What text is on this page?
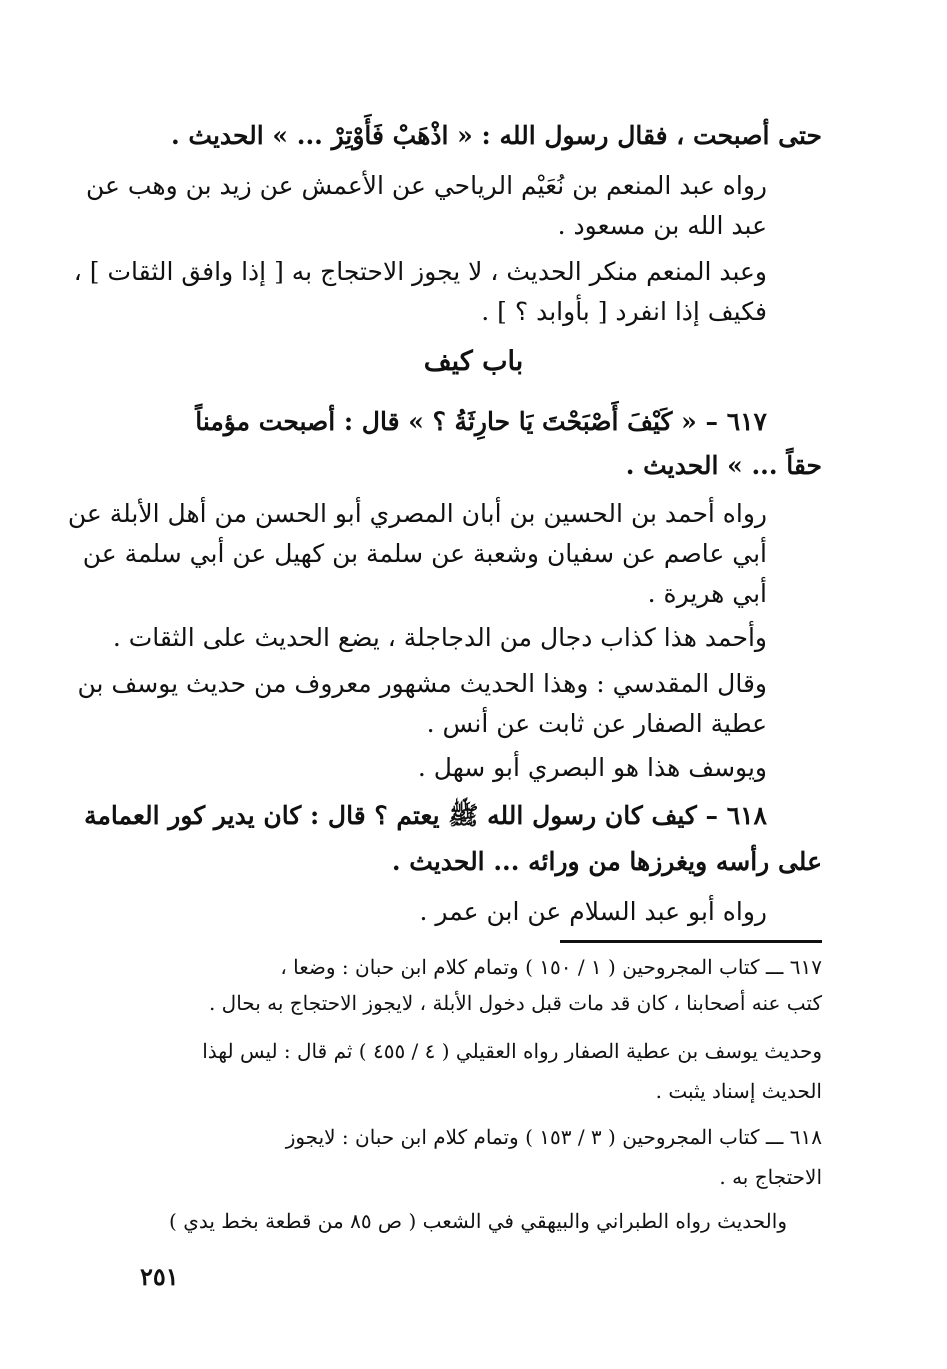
حتى أصبحت ، فقال رسول الله : « اذْهَبْ فَأَوْتِرْ ... » الحديث .
رواه عبد المنعم بن نُعَيْم الرياحي عن الأعمش عن زيد بن وهب عن
عبد الله بن مسعود .
وعبد المنعم منكر الحديث ، لا يجوز الاحتجاج به [ إذا وافق الثقات ] ،
فكيف إذا انفرد [ بأوابد ؟ ] .
باب كيف
٦١٧ – « كَيْفَ أَصْبَحْتَ يَا حارِثَةُ ؟ » قال : أصبحت مؤمناً
حقاً ... » الحديث .
رواه أحمد بن الحسين بن أبان المصري أبو الحسن من أهل الأبلة عن
أبي عاصم عن سفيان وشعبة عن سلمة بن كهيل عن أبي سلمة عن
أبي هريرة .
وأحمد هذا كذاب دجال من الدجاجلة ، يضع الحديث على الثقات .
وقال المقدسي : وهذا الحديث مشهور معروف من حديث يوسف بن
عطية الصفار عن ثابت عن أنس .
ويوسف هذا هو البصري أبو سهل .
٦١٨ – كيف كان رسول الله ﷺ يعتم ؟ قال : كان يدير كور العمامة
على رأسه ويغرزها من ورائه ... الحديث .
رواه أبو عبد السلام عن ابن عمر .
٦١٧ ـــ كتاب المجروحين ( ١ / ١٥٠ ) وتمام كلام ابن حبان : وضعا ،
كتب عنه أصحابنا ، كان قد مات قبل دخول الأبلة ، لايجوز الاحتجاج به بحال .
وحديث يوسف بن عطية الصفار رواه العقيلي ( ٤ / ٤٥٥ ) ثم قال : ليس لهذا
الحديث إسناد يثبت .
٦١٨ ـــ كتاب المجروحين ( ٣ / ١٥٣ ) وتمام كلام ابن حبان : لايجوز
الاحتجاج به .
والحديث رواه الطبراني والبيهقي في الشعب ( ص ٨٥ من قطعة بخط يدي )
٢٥١
